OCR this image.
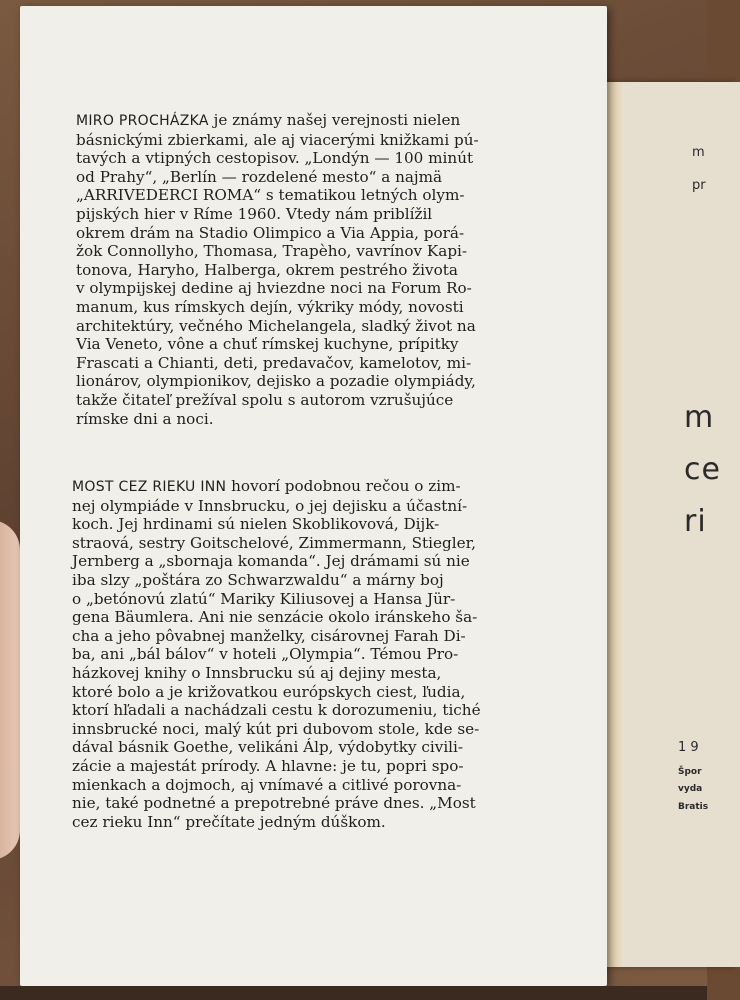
m
pr
m
ce
ri
1 9
Špor
vyda
Bratis
MIRO PROCHÁZKA je známy našej verejnosti nielen
básnickými zbierkami, ale aj viacerými knižkami pú-
tavých a vtipných cestopisov. „Londýn — 100 minút
od Prahy“, „Berlín — rozdelené mesto“ a najmä
„ARRIVEDERCI ROMA“ s tematikou letných olym-
pijských hier v Ríme 1960. Vtedy nám priblížil
okrem drám na Stadio Olimpico a Via Appia, porá-
žok Connollyho, Thomasa, Trapèho, vavrínov Kapi-
tonova, Haryho, Halberga, okrem pestrého života
v olympijskej dedine aj hviezdne noci na Forum Ro-
manum, kus rímskych dejín, výkriky módy, novosti
architektúry, večného Michelangela, sladký život na
Via Veneto, vône a chuť rímskej kuchyne, prípitky
Frascati a Chianti, deti, predavačov, kamelotov, mi-
lionárov, olympionikov, dejisko a pozadie olympiády,
takže čitateľ prežíval spolu s autorom vzrušujúce
rímske dni a noci.
MOST CEZ RIEKU INN hovorí podobnou rečou o zim-
nej olympiáde v Innsbrucku, o jej dejisku a účastní-
koch. Jej hrdinami sú nielen Skoblikovová, Dijk-
straová, sestry Goitschelové, Zimmermann, Stiegler,
Jernberg a „sbornaja komanda“. Jej drámami sú nie
iba slzy „poštára zo Schwarzwaldu“ a márny boj
o „betónovú zlatú“ Mariky Kiliusovej a Hansa Jür-
gena Bäumlera. Ani nie senzácie okolo iránskeho ša-
cha a jeho pôvabnej manželky, cisárovnej Farah Di-
ba, ani „bál bálov“ v hoteli „Olympia“. Témou Pro-
házkovej knihy o Innsbrucku sú aj dejiny mesta,
ktoré bolo a je križovatkou európskych ciest, ľudia,
ktorí hľadali a nachádzali cestu k dorozumeniu, tiché
innsbrucké noci, malý kút pri dubovom stole, kde se-
dával básnik Goethe, velikáni Álp, výdobytky civili-
zácie a majestát prírody. A hlavne: je tu, popri spo-
mienkach a dojmoch, aj vnímavé a citlivé porovna-
nie, také podnetné a prepotrebné práve dnes. „Most
cez rieku Inn“ prečítate jedným dúškom.
